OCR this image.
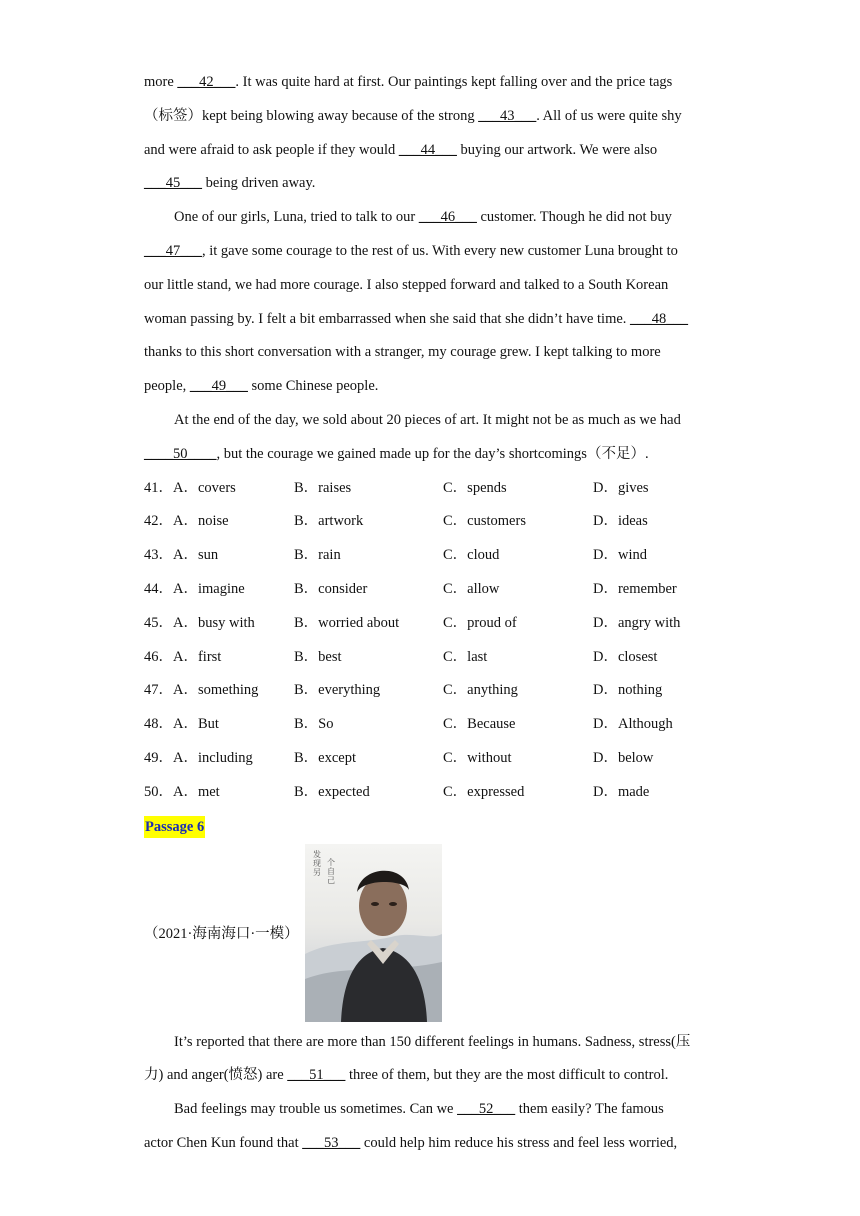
more ___42___. It was quite hard at first. Our paintings kept falling over and the price tags
（标签）kept being blowing away because of the strong ___43___. All of us were quite shy
and were afraid to ask people if they would ___44___ buying our artwork. We were also
___45___ being driven away.
One of our girls, Luna, tried to talk to our ___46___ customer. Though he did not buy
___47___, it gave some courage to the rest of us. With every new customer Luna brought to
our little stand, we had more courage. I also stepped forward and talked to a South Korean
woman passing by. I felt a bit embarrassed when she said that she didn’t have time. ___48___
thanks to this short conversation with a stranger, my courage grew. I kept talking to more
people, ___49___ some Chinese people.
At the end of the day, we sold about 20 pieces of art. It might not be as much as we had
____50____, but the courage we gained made up for the day’s shortcomings（不足）.
41．A．covers	B．raises	C．spends	D．gives
42．A．noise	B．artwork	C．customers	D．ideas
43．A．sun	B．rain	C．cloud	D．wind
44．A．imagine	B．consider	C．allow	D．remember
45．A．busy with	B．worried about	C．proud of	D．angry with
46．A．first	B．best	C．last	D．closest
47．A．something B．everything	C．anything	D．nothing
48．A．But	B．So	C．Because	D．Although
49．A．including	B．except	C．without	D．below
50．A．met	B．expected	C．expressed	D．made
Passage 6
（2021·海南海口·一模）
发现另
个自己
It’s reported that there are more than 150 different feelings in humans. Sadness, stress(压
力) and anger(愤怒) are ___51___ three of them, but they are the most difficult to control.
Bad feelings may trouble us sometimes. Can we ___52___ them easily? The famous
actor Chen Kun found that ___53___ could help him reduce his stress and feel less worried,
